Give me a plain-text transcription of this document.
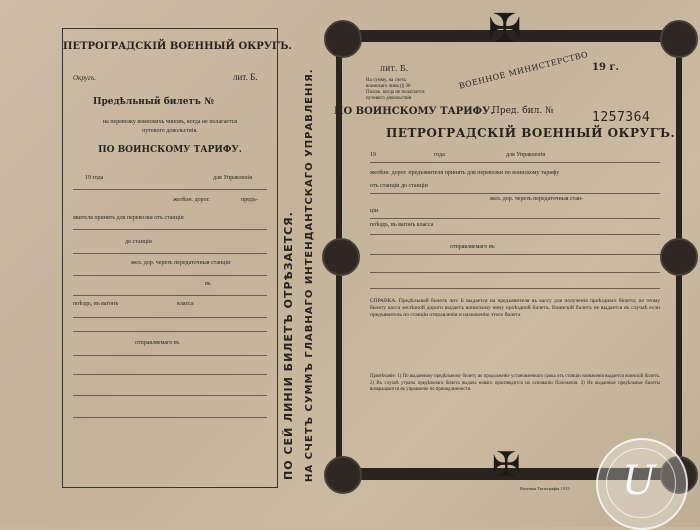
ПЕТРОГРАДСКIЙ ВОЕННЫЙ ОКРУГЪ.
Округъ.	лит. Б.
Предѣльный билетъ №
на перевозку воинскихъ чиновъ, когда не полагается
путевого довольствiя.
ПО ВОИНСКОМУ ТАРИФУ.
19 года	для Управленiя
желѣзн. дорог.	предъ-
явителя принять для перевозки отъ станцiи
до станцiи
жел. дор. черезъ передаточныя станцiи
въ
поѣздъ, въ вагонъ	класса
отправляемаго въ	ПО СЕЙ ЛИНIИ БИЛЕТЪ ОТРѢЗАЕТСЯ. НА СЧЕТЪ СУММЪ ГЛАВНАГО ИНТЕНДАНТСКАГО УПРАВЛЕНIЯ.
✠
✠
лит. Б.	19 г.
На сумму, на счетъ
воинскаго чина (§ 30
Полож. когда не полагается
путевого довольствiя
ВОЕННОЕ МИНИСТЕРСТВО
ПО ВОИНСКОМУ ТАРИФУ.
Пред. бил. №	1257364
ПЕТРОГРАДСКIЙ ВОЕННЫЙ ОКРУГЪ.
19	года	для Управленiя
желѣзн. дорог. предъявителя принять для перевозки по воинскому тарифу
отъ станцiи до станцiи
жел. дор. черезъ передаточныя стан-
цiи
поѣздъ, въ вагонъ класса
отправляемаго въ
СПРАВКА. Предѣльный билетъ лит. Б выдается на предъявителя въ кассу для полученiя проѣзднаго билета; по этому билету касса желѣзной дороги выдаетъ воинскому чину проѣздной билетъ. Воинскiй билетъ не выдается въ случаѣ если предъявитель по станцiи отправленiя и назначенiю этого билета
Примѣчанiе: 1) По выданному предѣльному билету во продолженiе установленнаго срока отъ станцiи назначенiя выдается воинскiй билетъ. 2) Въ случаѣ утраты предѣльнаго билета выдача новаго производится на основанiи Положенiя. 3) Не выданные предѣльные билеты возвращаются въ управленiе по принадлежности.
Военная Типографiя 1915 U
